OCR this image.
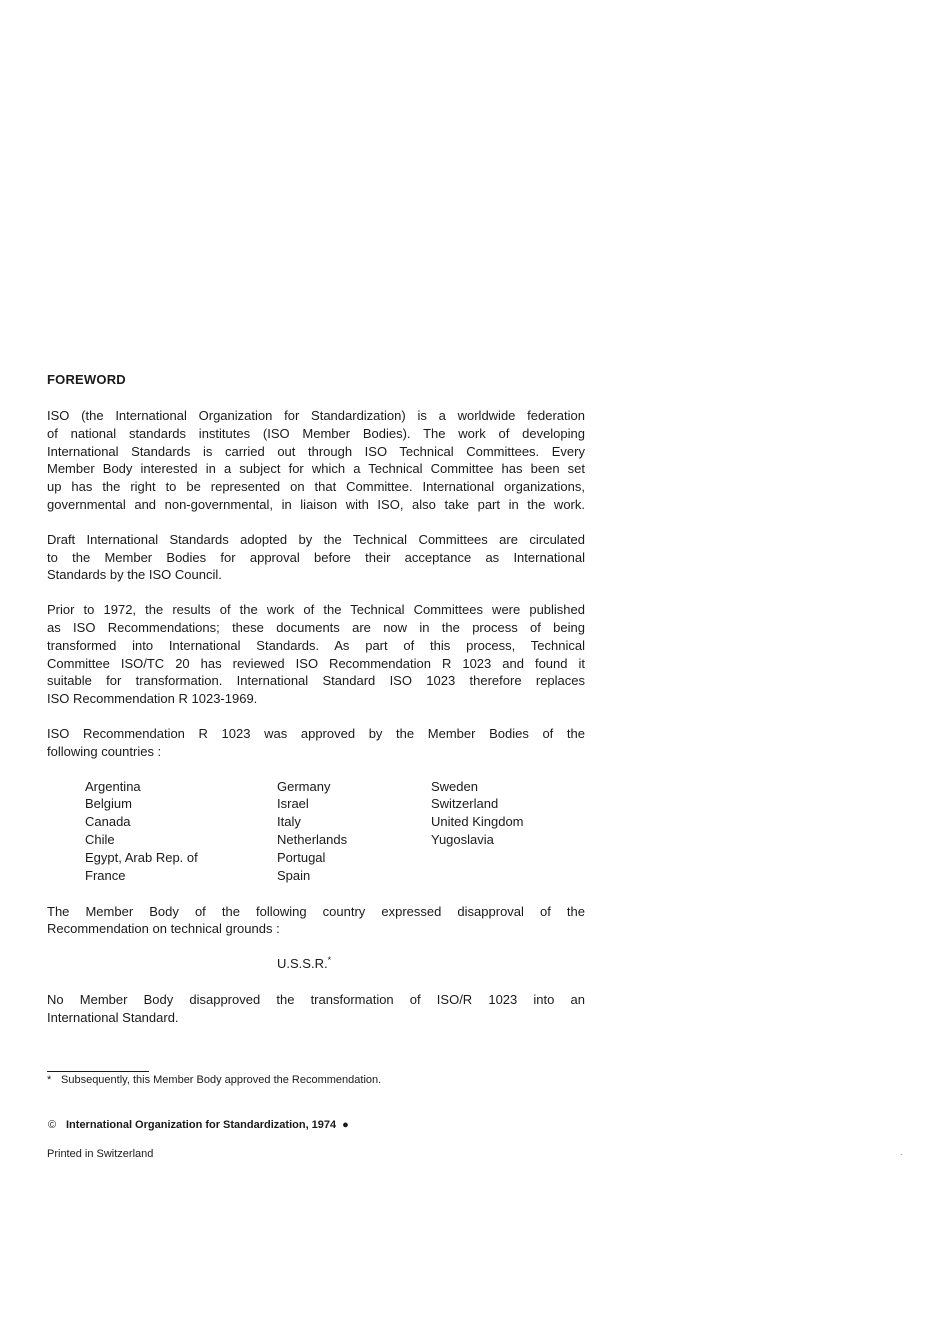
FOREWORD
ISO (the International Organization for Standardization) is a worldwide federation
of national standards institutes (ISO Member Bodies). The work of developing
International Standards is carried out through ISO Technical Committees. Every
Member Body interested in a subject for which a Technical Committee has been set
up has the right to be represented on that Committee. International organizations,
governmental and non-governmental, in liaison with ISO, also take part in the work.
Draft International Standards adopted by the Technical Committees are circulated
to the Member Bodies for approval before their acceptance as International
Standards by the ISO Council.
Prior to 1972, the results of the work of the Technical Committees were published
as ISO Recommendations; these documents are now in the process of being
transformed into International Standards. As part of this process, Technical
Committee ISO/TC 20 has reviewed ISO Recommendation R 1023 and found it
suitable for transformation. International Standard ISO 1023 therefore replaces
ISO Recommendation R 1023-1969.
ISO Recommendation R 1023 was approved by the Member Bodies of the
following countries :
Argentina
Belgium
Canada
Chile
Egypt, Arab Rep. of
France
Germany
Israel
Italy
Netherlands
Portugal
Spain
Sweden
Switzerland
United Kingdom
Yugoslavia
The Member Body of the following country expressed disapproval of the
Recommendation on technical grounds :
U.S.S.R.*
No Member Body disapproved the transformation of ISO/R 1023 into an
International Standard.
* Subsequently, this Member Body approved the Recommendation.
© International Organization for Standardization, 1974 ●
Printed in Switzerland	.
